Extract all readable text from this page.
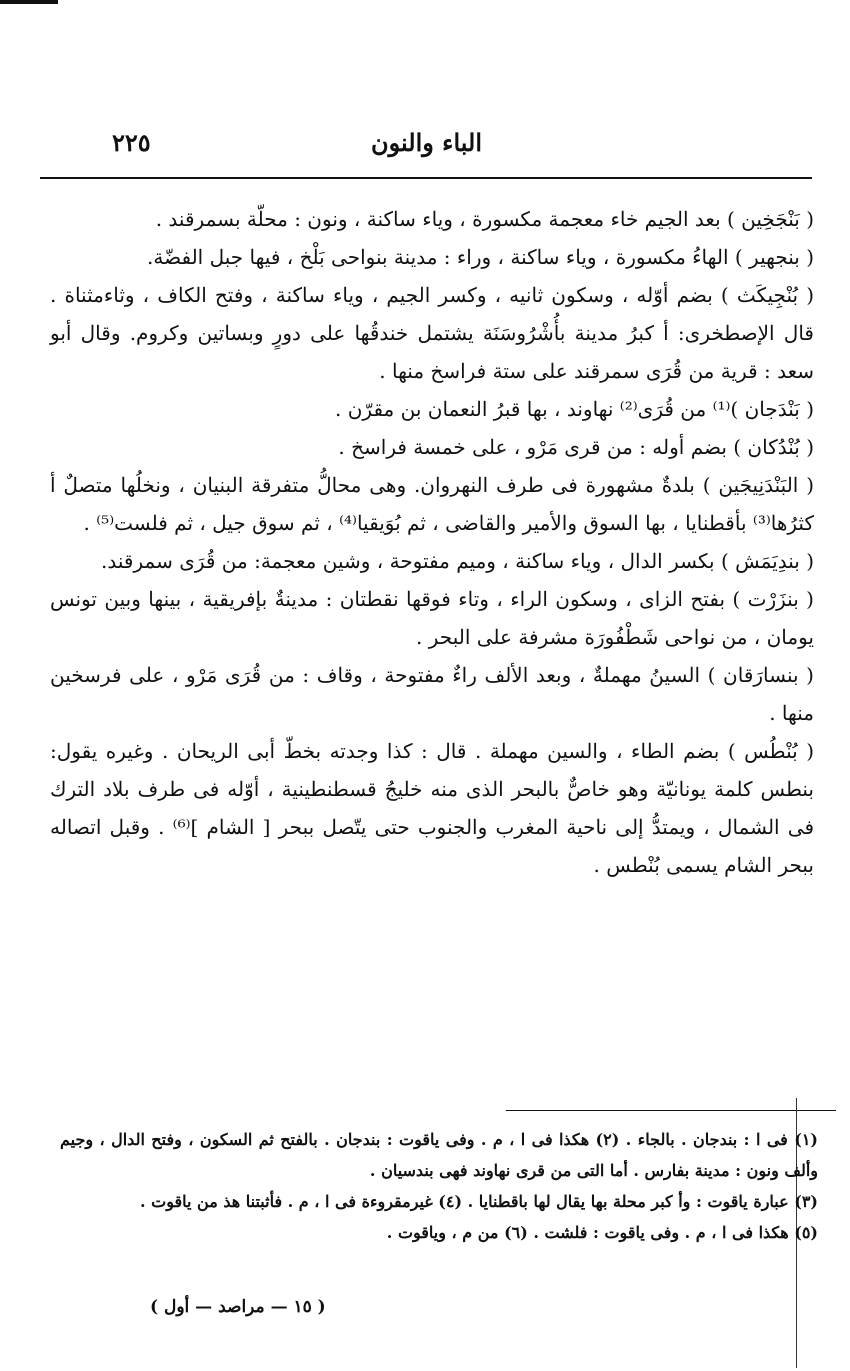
الباء والنون
٢٢٥

( بَنْجَخِين ) بعد الجيم خاء معجمة مكسورة ، وياء ساكنة ، ونون : محلّة بسمرقند .

( بنجهير ) الهاءُ مكسورة ، وياء ساكنة ، وراء : مدينة بنواحى بَلْخ ، فيها جبل الفضّة.

( بُنْجِيكَث ) بضم أوّله ، وسكون ثانيه ، وكسر الجيم ، وياء ساكنة ، وفتح الكاف ، وثاءمثناة . قال الإصطخرى: أ كبرُ مدينة بأُشْرُوسَنَة يشتمل خندقُها على دورٍ وبساتين وكروم. وقال أبو سعد : قرية من قُرَى سمرقند على ستة فراسخ منها .

( بَنْدَجان )⁽¹⁾ من قُرَى⁽²⁾ نهاوند ، بها قبرُ النعمان بن مقرّن .

( بُنْدُكان ) بضم أوله : من قرى مَرْو ، على خمسة فراسخ .

( البَنْدَنِيجَين ) بلدةٌ مشهورة فى طرف النهروان. وهى محالُّ متفرقة البنيان ، ونخلُها متصلٌ أ كثرُها⁽³⁾ بأقطنايا ، بها السوق والأمير والقاضى ، ثم بُوَيقيا⁽⁴⁾ ، ثم سوق جيل ، ثم فلست⁽⁵⁾ .

( بندِيَمَش ) بكسر الدال ، وياء ساكنة ، وميم مفتوحة ، وشين معجمة: من قُرَى سمرقند.

( بنزَرْت ) بفتح الزاى ، وسكون الراء ، وتاء فوقها نقطتان : مدينةٌ بإفريقية ، بينها وبين تونس يومان ، من نواحى شَطْفُورَة مشرفة على البحر .

( بنسارَقان ) السينُ مهملةٌ ، وبعد الألف راءٌ مفتوحة ، وقاف : من قُرَى مَرْو ، على فرسخين منها .

( بُنْطُس ) بضم الطاء ، والسين مهملة . قال : كذا وجدته بخطّ أبى الريحان . وغيره يقول: بنطس كلمة يونانيّة وهو خاصٌّ بالبحر الذى منه خليجُ قسطنطينية ، أوّله فى طرف بلاد الترك فى الشمال ، ويمتدُّ إلى ناحية المغرب والجنوب حتى يتّصل ببحر [ الشام ]⁽⁶⁾ . وقبل اتصاله ببحر الشام يسمى بُنْطس .

(١) فى ا : بندجان . بالجاء . (٢) هكذا فى ا ، م . وفى ياقوت : بندجان . بالفتح ثم السكون ، وفتح الدال ، وجيم وألف ونون : مدينة بفارس . أما التى من قرى نهاوند فهى بندسيان .

(٣) عبارة ياقوت : وأ كبر محلة بها يقال لها باقطنايا . (٤) غيرمقروءة فى ا ، م . فأثبتنا هذ من ياقوت .

(٥) هكذا فى ا ، م . وفى ياقوت : فلشت . (٦) من م ، وياقوت .

( ١٥ — مراصد — أول )
